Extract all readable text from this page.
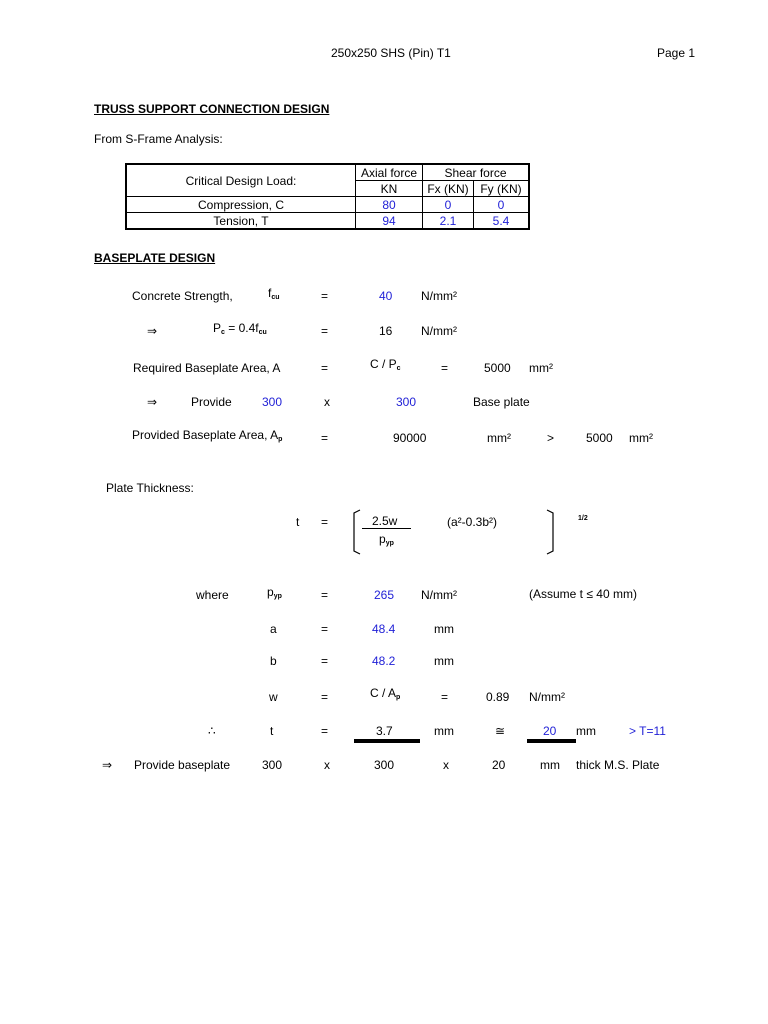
250x250 SHS (Pin) T1	Page 1
TRUSS SUPPORT CONNECTION DESIGN
From S-Frame Analysis:
Critical Design Load:	Axial force	Shear force	
	KN	Fx (KN)	Fy (KN)
Compression, C	80	0	0
Tension, T	94	2.1	5.4
BASEPLATE DESIGN
Concrete Strength,	$f_{cu}$	=	40 N/mm²
⇒	$P_c = 0.4f_{cu}$	=	16 N/mm²
Required Baseplate Area, A	=	C / $P_c$	=	5000 mm²
⇒	Provide	300	x	300	Base plate
Provided Baseplate Area, $A_p$	=	90000	mm²	>	5000 mm²
Plate Thickness:
t =	2.5w
$p_{yp}$
(a²-0.3b²)	1/2
where	$p_{yp}$	=	265 N/mm²	(Assume t ≤ 40 mm)
a	=	48.4	mm
b	=	48.2	mm
w	=	C / $A_p$	=	0.89 N/mm²
∴	t	=	3.7	mm	≅	20 mm	> T=11
⇒ Provide baseplate	300	x	300	x	20	mm thick M.S. Plate
